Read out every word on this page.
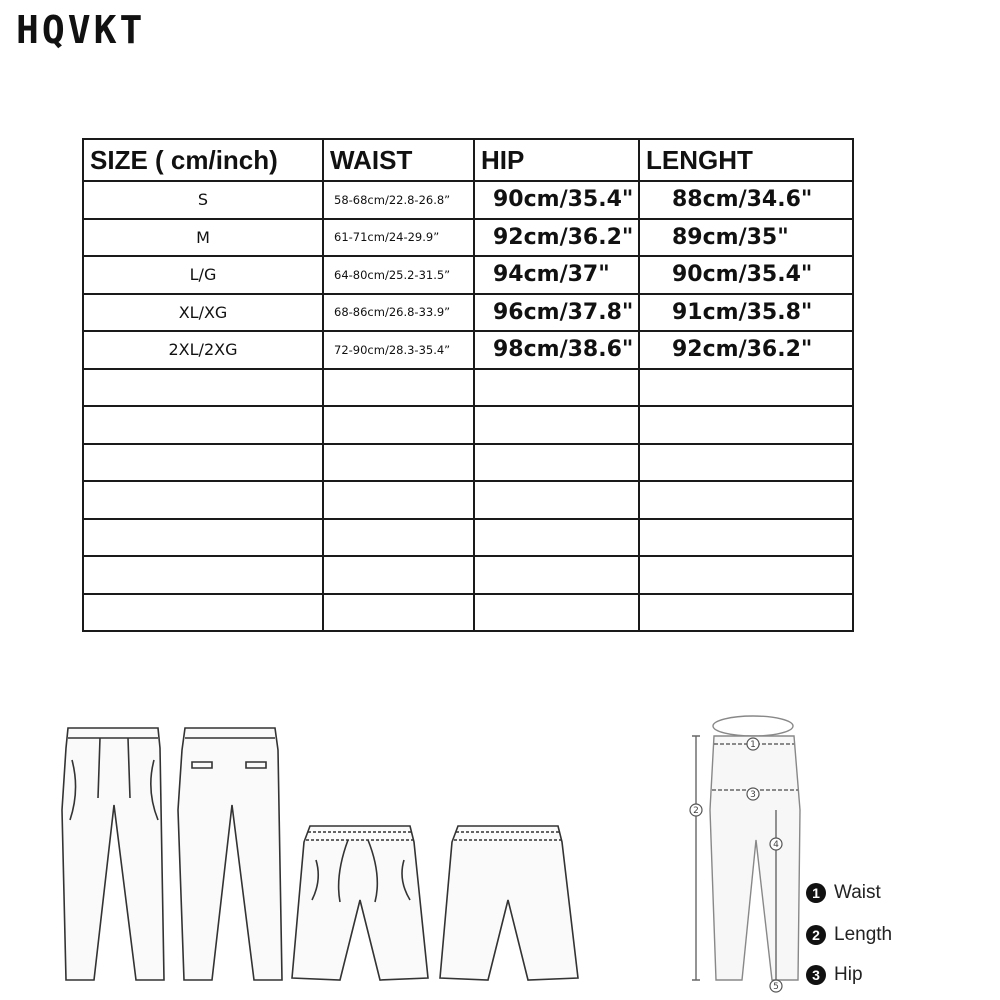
HQVKT
SIZE ( cm/inch)	WAIST	HIP	LENGHT
S	58-68cm/22.8-26.8”	90cm/35.4"	88cm/34.6"
M	61-71cm/24-29.9”	92cm/36.2"	89cm/35"
L/G	64-80cm/25.2-31.5”	94cm/37"	90cm/35.4"
XL/XG	68-86cm/26.8-33.9”	96cm/37.8"	91cm/35.8"
2XL/2XG	72-90cm/28.3-35.4”	98cm/38.6"	92cm/36.2"

1
2
3
4
5
1 Waist
2 Length
3 Hip
